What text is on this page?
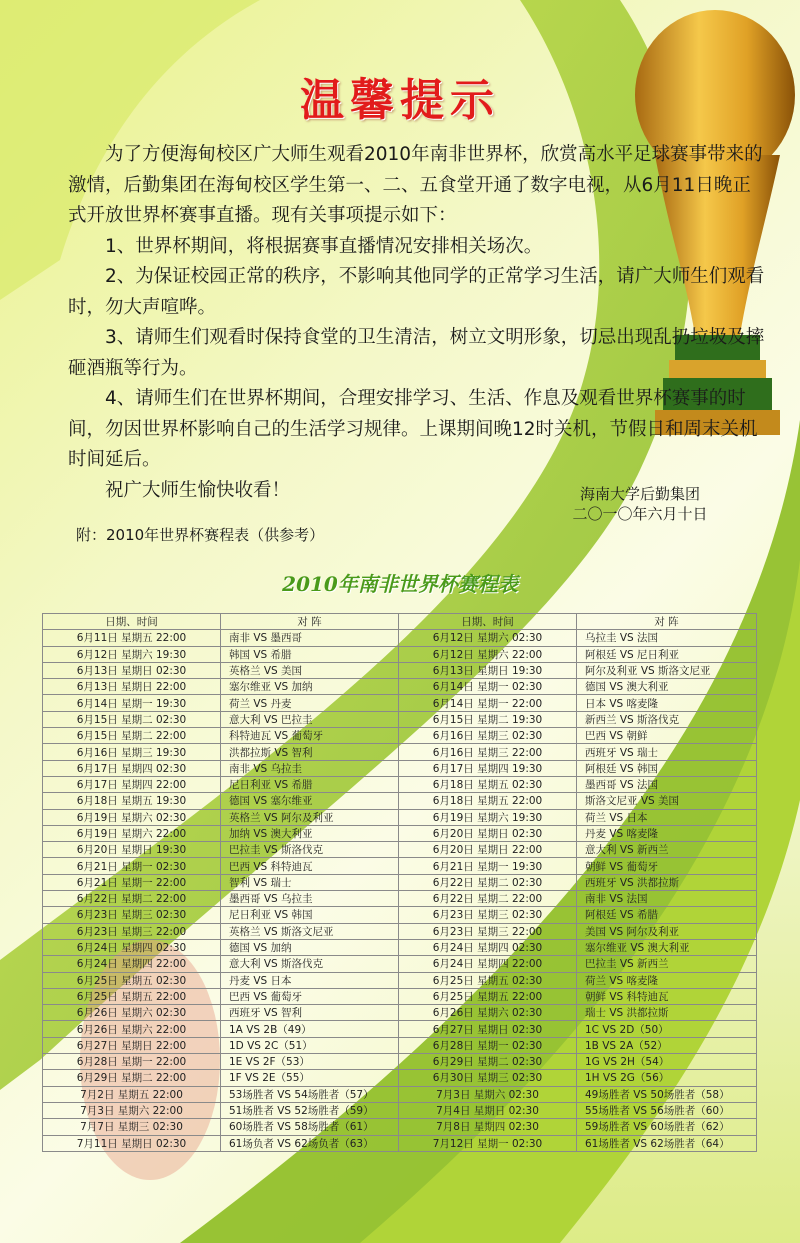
温馨提示

为了方便海甸校区广大师生观看2010年南非世界杯，欣赏高水平足球赛事带来的激情，后勤集团在海甸校区学生第一、二、五食堂开通了数字电视，从6月11日晚正式开放世界杯赛事直播。现有关事项提示如下：

1、世界杯期间，将根据赛事直播情况安排相关场次。

2、为保证校园正常的秩序，不影响其他同学的正常学习生活，请广大师生们观看时，勿大声喧哗。

3、请师生们观看时保持食堂的卫生清洁，树立文明形象，切忌出现乱扔垃圾及摔砸酒瓶等行为。

4、请师生们在世界杯期间，合理安排学习、生活、作息及观看世界杯赛事的时间，勿因世界杯影响自己的生活学习规律。上课期间晚12时关机，节假日和周末关机时间延后。

祝广大师生愉快收看！	海南大学后勤集团
二〇一〇年六月十日
附：2010年世界杯赛程表（供参考）
2010年南非世界杯赛程表
日期、时间	对 阵	日期、时间	对 阵
6月11日 星期五 22:00	南非 VS 墨西哥	6月12日 星期六 02:30	乌拉圭 VS 法国
6月12日 星期六 19:30	韩国 VS 希腊	6月12日 星期六 22:00	阿根廷 VS 尼日利亚
6月13日 星期日 02:30	英格兰 VS 美国	6月13日 星期日 19:30	阿尔及利亚 VS 斯洛文尼亚
6月13日 星期日 22:00	塞尔维亚 VS 加纳	6月14日 星期一 02:30	德国 VS 澳大利亚
6月14日 星期一 19:30	荷兰 VS 丹麦	6月14日 星期一 22:00	日本 VS 喀麦隆
6月15日 星期二 02:30	意大利 VS 巴拉圭	6月15日 星期二 19:30	新西兰 VS 斯洛伐克
6月15日 星期二 22:00	科特迪瓦 VS 葡萄牙	6月16日 星期三 02:30	巴西 VS 朝鲜
6月16日 星期三 19:30	洪都拉斯 VS 智利	6月16日 星期三 22:00	西班牙 VS 瑞士
6月17日 星期四 02:30	南非 VS 乌拉圭	6月17日 星期四 19:30	阿根廷 VS 韩国
6月17日 星期四 22:00	尼日利亚 VS 希腊	6月18日 星期五 02:30	墨西哥 VS 法国
6月18日 星期五 19:30	德国 VS 塞尔维亚	6月18日 星期五 22:00	斯洛文尼亚 VS 美国
6月19日 星期六 02:30	英格兰 VS 阿尔及利亚	6月19日 星期六 19:30	荷兰 VS 日本
6月19日 星期六 22:00	加纳 VS 澳大利亚	6月20日 星期日 02:30	丹麦 VS 喀麦隆
6月20日 星期日 19:30	巴拉圭 VS 斯洛伐克	6月20日 星期日 22:00	意大利 VS 新西兰
6月21日 星期一 02:30	巴西 VS 科特迪瓦	6月21日 星期一 19:30	朝鲜 VS 葡萄牙
6月21日 星期一 22:00	智利 VS 瑞士	6月22日 星期二 02:30	西班牙 VS 洪都拉斯
6月22日 星期二 22:00	墨西哥 VS 乌拉圭	6月22日 星期二 22:00	南非 VS 法国
6月23日 星期三 02:30	尼日利亚 VS 韩国	6月23日 星期三 02:30	阿根廷 VS 希腊
6月23日 星期三 22:00	英格兰 VS 斯洛文尼亚	6月23日 星期三 22:00	美国 VS 阿尔及利亚
6月24日 星期四 02:30	德国 VS 加纳	6月24日 星期四 02:30	塞尔维亚 VS 澳大利亚
6月24日 星期四 22:00	意大利 VS 斯洛伐克	6月24日 星期四 22:00	巴拉圭 VS 新西兰
6月25日 星期五 02:30	丹麦 VS 日本	6月25日 星期五 02:30	荷兰 VS 喀麦隆
6月25日 星期五 22:00	巴西 VS 葡萄牙	6月25日 星期五 22:00	朝鲜 VS 科特迪瓦
6月26日 星期六 02:30	西班牙 VS 智利	6月26日 星期六 02:30	瑞士 VS 洪都拉斯
6月26日 星期六 22:00	1A VS 2B（49）	6月27日 星期日 02:30	1C VS 2D（50）
6月27日 星期日 22:00	1D VS 2C（51）	6月28日 星期一 02:30	1B VS 2A（52）
6月28日 星期一 22:00	1E VS 2F（53）	6月29日 星期二 02:30	1G VS 2H（54）
6月29日 星期二 22:00	1F VS 2E（55）	6月30日 星期三 02:30	1H VS 2G（56）
7月2日 星期五 22:00	53场胜者 VS 54场胜者（57）	7月3日 星期六 02:30	49场胜者 VS 50场胜者（58）
7月3日 星期六 22:00	51场胜者 VS 52场胜者（59）	7月4日 星期日 02:30	55场胜者 VS 56场胜者（60）
7月7日 星期三 02:30	60场胜者 VS 58场胜者（61）	7月8日 星期四 02:30	59场胜者 VS 60场胜者（62）
7月11日 星期日 02:30	61场负者 VS 62场负者（63）	7月12日 星期一 02:30	61场胜者 VS 62场胜者（64）
